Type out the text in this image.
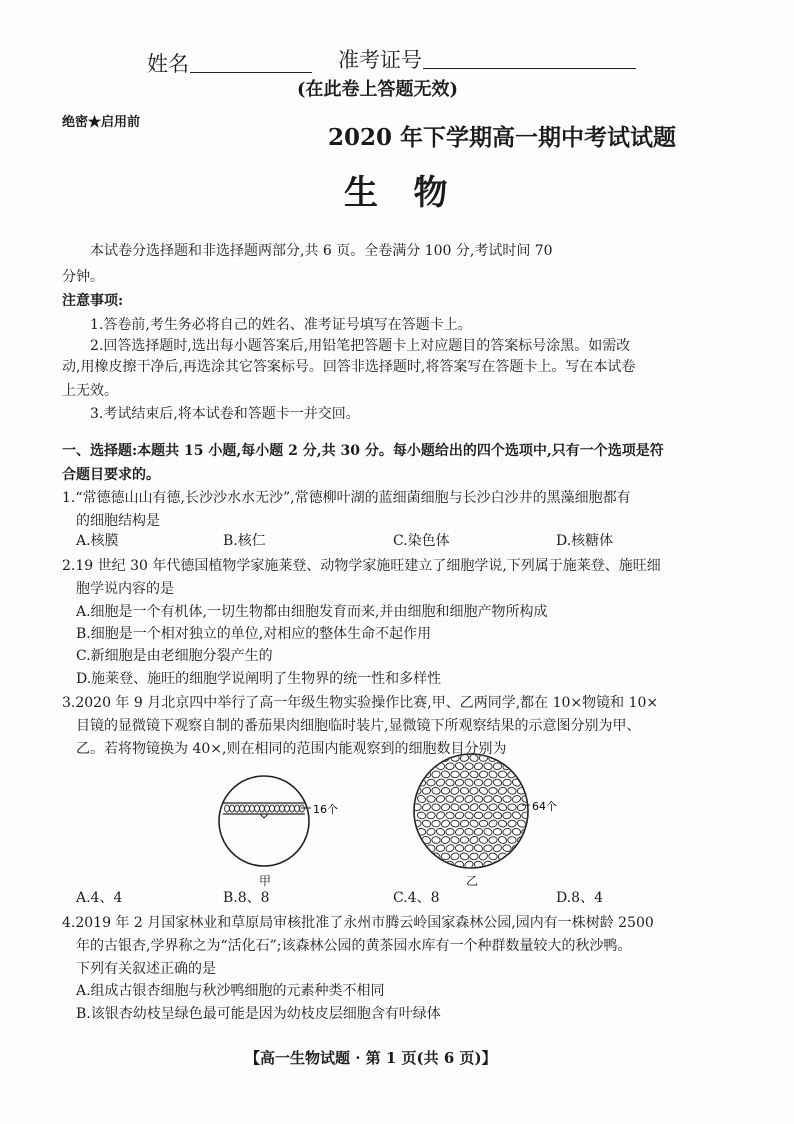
姓名	准考证号
(在此卷上答题无效)
绝密★启用前
2020 年下学期高一期中考试试题
生   物
本试卷分选择题和非选择题两部分,共 6 页。全卷满分 100 分,考试时间 70
分钟。
注意事项:
1.答卷前,考生务必将自己的姓名、准考证号填写在答题卡上。
2.回答选择题时,选出每小题答案后,用铅笔把答题卡上对应题目的答案标号涂黑。如需改
动,用橡皮擦干净后,再选涂其它答案标号。回答非选择题时,将答案写在答题卡上。写在本试卷
上无效。
3.考试结束后,将本试卷和答题卡一并交回。
一、选择题:本题共 15 小题,每小题 2 分,共 30 分。每小题给出的四个选项中,只有一个选项是符
合题目要求的。
1.“常德德山山有德,长沙沙水水无沙”,常德柳叶湖的蓝细菌细胞与长沙白沙井的黑藻细胞都有
的细胞结构是
A.核膜	B.核仁	C.染色体	D.核糖体
2.19 世纪 30 年代德国植物学家施莱登、动物学家施旺建立了细胞学说,下列属于施莱登、施旺细
胞学说内容的是
A.细胞是一个有机体,一切生物都由细胞发育而来,并由细胞和细胞产物所构成
B.细胞是一个相对独立的单位,对相应的整体生命不起作用
C.新细胞是由老细胞分裂产生的
D.施莱登、施旺的细胞学说阐明了生物界的统一性和多样性
3.2020 年 9 月北京四中举行了高一年级生物实验操作比赛,甲、乙两同学,都在 10×物镜和 10×
目镜的显微镜下观察自制的番茄果肉细胞临时装片,显微镜下所观察结果的示意图分别为甲、
乙。若将物镜换为 40×,则在相同的范围内能观察到的细胞数目分别为
16个
甲
64个
乙
A.4、4	B.8、8	C.4、8	D.8、4
4.2019 年 2 月国家林业和草原局审核批准了永州市腾云岭国家森林公园,园内有一株树龄 2500
年的古银杏,学界称之为“活化石”;该森林公园的黄茶园水库有一个种群数量较大的秋沙鸭。
下列有关叙述正确的是
A.组成古银杏细胞与秋沙鸭细胞的元素种类不相同
B.该银杏幼枝呈绿色最可能是因为幼枝皮层细胞含有叶绿体
【高一生物试题 · 第 1 页(共 6 页)】
